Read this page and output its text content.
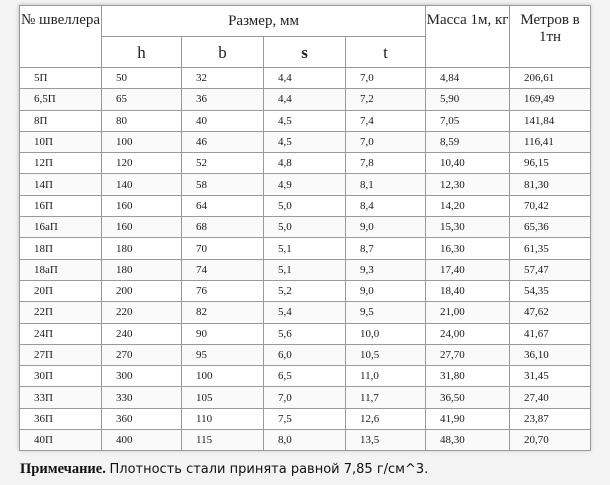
№ швеллера	Размер, мм				Масса 1м, кг	Метров в 1тн
	h	b	s	t		
5П	50	32	4,4	7,0	4,84	206,61
6,5П	65	36	4,4	7,2	5,90	169,49
8П	80	40	4,5	7,4	7,05	141,84
10П	100	46	4,5	7,0	8,59	116,41
12П	120	52	4,8	7,8	10,40	96,15
14П	140	58	4,9	8,1	12,30	81,30
16П	160	64	5,0	8,4	14,20	70,42
16аП	160	68	5,0	9,0	15,30	65,36
18П	180	70	5,1	8,7	16,30	61,35
18аП	180	74	5,1	9,3	17,40	57,47
20П	200	76	5,2	9,0	18,40	54,35
22П	220	82	5,4	9,5	21,00	47,62
24П	240	90	5,6	10,0	24,00	41,67
27П	270	95	6,0	10,5	27,70	36,10
30П	300	100	6,5	11,0	31,80	31,45
33П	330	105	7,0	11,7	36,50	27,40
36П	360	110	7,5	12,6	41,90	23,87
40П	400	115	8,0	13,5	48,30	20,70
Примечание. Плотность стали принята равной 7,85 г/см^3.
